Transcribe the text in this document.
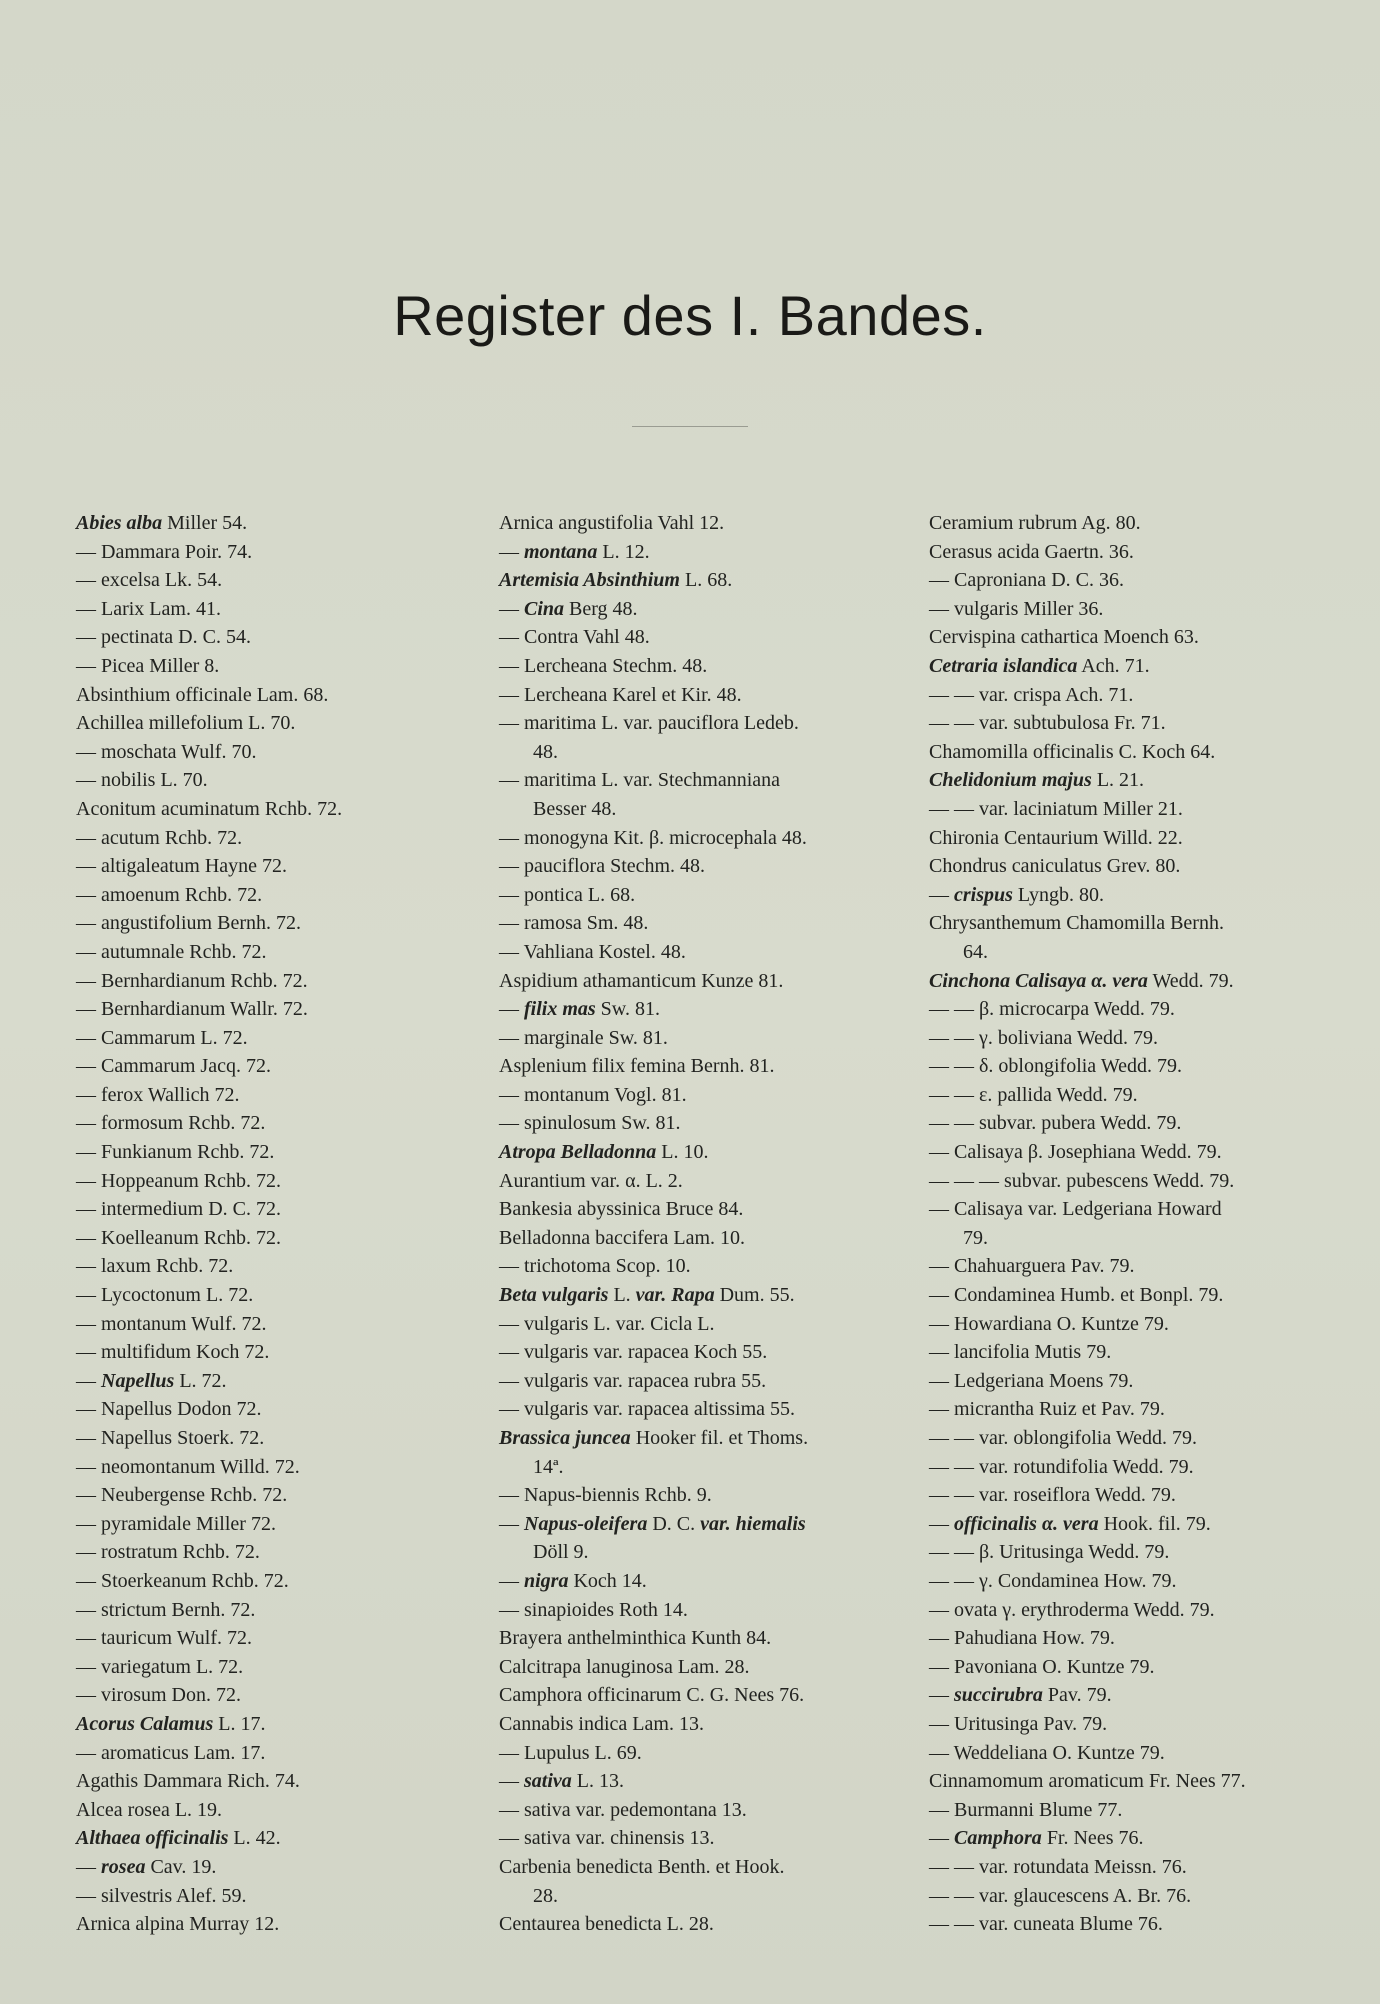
Register des I. Bandes.
Abies alba Miller 54.
— Dammara Poir. 74.
— excelsa Lk. 54.
— Larix Lam. 41.
— pectinata D. C. 54.
— Picea Miller 8.
Absinthium officinale Lam. 68.
Achillea millefolium L. 70.
— moschata Wulf. 70.
— nobilis L. 70.
Aconitum acuminatum Rchb. 72.
— acutum Rchb. 72.
— altigaleatum Hayne 72.
— amoenum Rchb. 72.
— angustifolium Bernh. 72.
— autumnale Rchb. 72.
— Bernhardianum Rchb. 72.
— Bernhardianum Wallr. 72.
— Cammarum L. 72.
— Cammarum Jacq. 72.
— ferox Wallich 72.
— formosum Rchb. 72.
— Funkianum Rchb. 72.
— Hoppeanum Rchb. 72.
— intermedium D. C. 72.
— Koelleanum Rchb. 72.
— laxum Rchb. 72.
— Lycoctonum L. 72.
— montanum Wulf. 72.
— multifidum Koch 72.
— Napellus L. 72.
— Napellus Dodon 72.
— Napellus Stoerk. 72.
— neomontanum Willd. 72.
— Neubergense Rchb. 72.
— pyramidale Miller 72.
— rostratum Rchb. 72.
— Stoerkeanum Rchb. 72.
— strictum Bernh. 72.
— tauricum Wulf. 72.
— variegatum L. 72.
— virosum Don. 72.
Acorus Calamus L. 17.
— aromaticus Lam. 17.
Agathis Dammara Rich. 74.
Alcea rosea L. 19.
Althaea officinalis L. 42.
— rosea Cav. 19.
— silvestris Alef. 59.
Arnica alpina Murray 12.
Arnica angustifolia Vahl 12.
— montana L. 12.
Artemisia Absinthium L. 68.
— Cina Berg 48.
— Contra Vahl 48.
— Lercheana Stechm. 48.
— Lercheana Karel et Kir. 48.
— maritima L. var. pauciflora Ledeb.
48.
— maritima L. var. Stechmanniana
Besser 48.
— monogyna Kit. β. microcephala 48.
— pauciflora Stechm. 48.
— pontica L. 68.
— ramosa Sm. 48.
— Vahliana Kostel. 48.
Aspidium athamanticum Kunze 81.
— filix mas Sw. 81.
— marginale Sw. 81.
Asplenium filix femina Bernh. 81.
— montanum Vogl. 81.
— spinulosum Sw. 81.
Atropa Belladonna L. 10.
Aurantium var. α. L. 2.
Bankesia abyssinica Bruce 84.
Belladonna baccifera Lam. 10.
— trichotoma Scop. 10.
Beta vulgaris L. var. Rapa Dum. 55.
— vulgaris L. var. Cicla L.
— vulgaris var. rapacea Koch 55.
— vulgaris var. rapacea rubra 55.
— vulgaris var. rapacea altissima 55.
Brassica juncea Hooker fil. et Thoms.
14ª.
— Napus-biennis Rchb. 9.
— Napus-oleifera D. C. var. hiemalis
Döll 9.
— nigra Koch 14.
— sinapioides Roth 14.
Brayera anthelminthica Kunth 84.
Calcitrapa lanuginosa Lam. 28.
Camphora officinarum C. G. Nees 76.
Cannabis indica Lam. 13.
— Lupulus L. 69.
— sativa L. 13.
— sativa var. pedemontana 13.
— sativa var. chinensis 13.
Carbenia benedicta Benth. et Hook.
28.
Centaurea benedicta L. 28.
Ceramium rubrum Ag. 80.
Cerasus acida Gaertn. 36.
— Caproniana D. C. 36.
— vulgaris Miller 36.
Cervispina cathartica Moench 63.
Cetraria islandica Ach. 71.
— — var. crispa Ach. 71.
— — var. subtubulosa Fr. 71.
Chamomilla officinalis C. Koch 64.
Chelidonium majus L. 21.
— — var. laciniatum Miller 21.
Chironia Centaurium Willd. 22.
Chondrus caniculatus Grev. 80.
— crispus Lyngb. 80.
Chrysanthemum Chamomilla Bernh.
64.
Cinchona Calisaya α. vera Wedd. 79.
— — β. microcarpa Wedd. 79.
— — γ. boliviana Wedd. 79.
— — δ. oblongifolia Wedd. 79.
— — ε. pallida Wedd. 79.
— — subvar. pubera Wedd. 79.
— Calisaya β. Josephiana Wedd. 79.
— — — subvar. pubescens Wedd. 79.
— Calisaya var. Ledgeriana Howard
79.
— Chahuarguera Pav. 79.
— Condaminea Humb. et Bonpl. 79.
— Howardiana O. Kuntze 79.
— lancifolia Mutis 79.
— Ledgeriana Moens 79.
— micrantha Ruiz et Pav. 79.
— — var. oblongifolia Wedd. 79.
— — var. rotundifolia Wedd. 79.
— — var. roseiflora Wedd. 79.
— officinalis α. vera Hook. fil. 79.
— — β. Uritusinga Wedd. 79.
— — γ. Condaminea How. 79.
— ovata γ. erythroderma Wedd. 79.
— Pahudiana How. 79.
— Pavoniana O. Kuntze 79.
— succirubra Pav. 79.
— Uritusinga Pav. 79.
— Weddeliana O. Kuntze 79.
Cinnamomum aromaticum Fr. Nees 77.
— Burmanni Blume 77.
— Camphora Fr. Nees 76.
— — var. rotundata Meissn. 76.
— — var. glaucescens A. Br. 76.
— — var. cuneata Blume 76.
